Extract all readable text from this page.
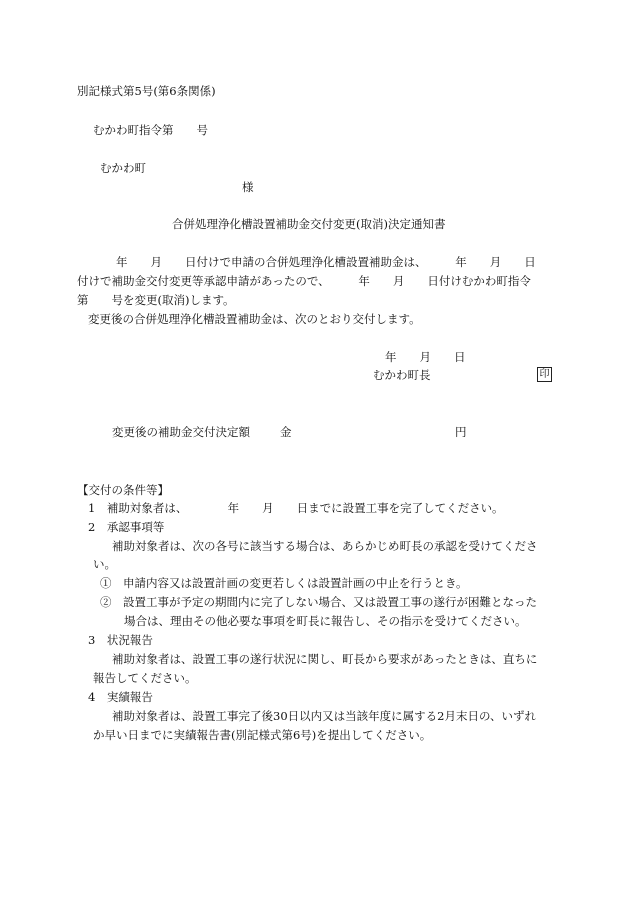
別記様式第5号(第6条関係)
むかわ町指令第　　号
むかわ町
様
合併処理浄化槽設置補助金交付変更(取消)決定通知書
　　年　　月　　日付けで申請の合併処理浄化槽設置補助金は、　　　年　　月　　日
付けで補助金交付変更等承認申請があったので、　　　年　　月　　日付けむかわ町指令
第　　号を変更(取消)します。
変更後の合併処理浄化槽設置補助金は、次のとおり交付します。
年　　月　　日
むかわ町長	印
変更後の補助金交付決定額	金	円
【交付の条件等】
1　補助対象者は、　　　　年　　月　　日までに設置工事を完了してください。
2　承認事項等
補助対象者は、次の各号に該当する場合は、あらかじめ町長の承認を受けてくださ
い。
①　申請内容又は設置計画の変更若しくは設置計画の中止を行うとき。
②　設置工事が予定の期間内に完了しない場合、又は設置工事の遂行が困難となった
場合は、理由その他必要な事項を町長に報告し、その指示を受けてください。
3　状況報告
補助対象者は、設置工事の遂行状況に関し、町長から要求があったときは、直ちに
報告してください。
4　実績報告
補助対象者は、設置工事完了後30日以内又は当該年度に属する2月末日の、いずれ
か早い日までに実績報告書(別記様式第6号)を提出してください。
